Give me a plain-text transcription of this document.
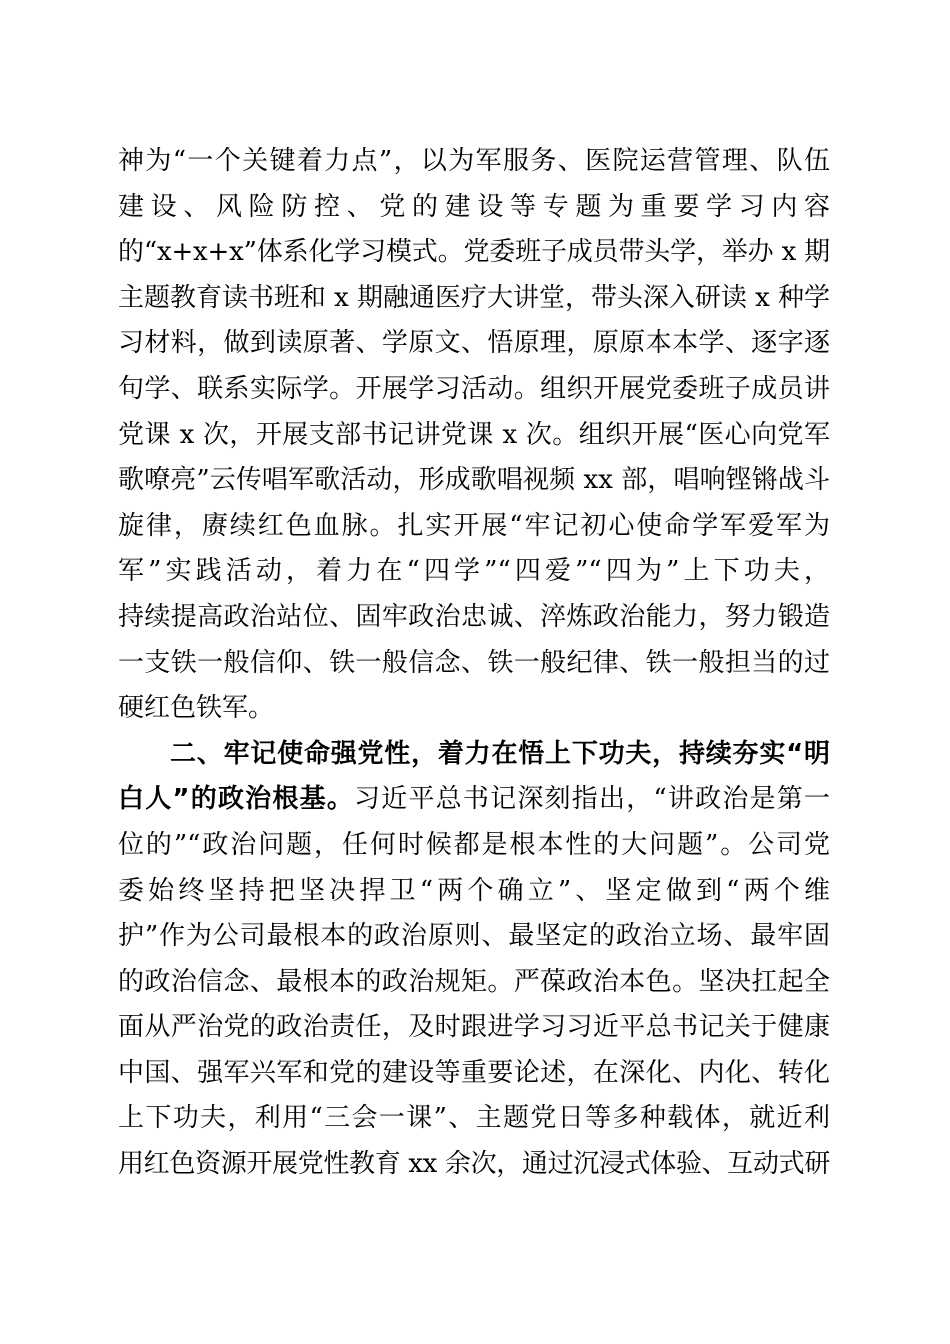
神为“一个关键着力点”，以为军服务、医院运营管理、队伍
建设、风险防控、党的建设等专题为重要学习内容
的“x+x+x”体系化学习模式。党委班子成员带头学，举办 x 期
主题教育读书班和 x 期融通医疗大讲堂，带头深入研读 x 种学
习材料，做到读原著、学原文、悟原理，原原本本学、逐字逐
句学、联系实际学。开展学习活动。组织开展党委班子成员讲
党课 x 次，开展支部书记讲党课 x 次。组织开展“医心向党军
歌嘹亮”云传唱军歌活动，形成歌唱视频 xx 部，唱响铿锵战斗
旋律，赓续红色血脉。扎实开展“牢记初心使命学军爱军为
军”实践活动，着力在“四学”“四爱”“四为”上下功夫，
持续提高政治站位、固牢政治忠诚、淬炼政治能力，努力锻造
一支铁一般信仰、铁一般信念、铁一般纪律、铁一般担当的过
硬红色铁军。
二、牢记使命强党性，着力在悟上下功夫，持续夯实“明
白人”的政治根基。习近平总书记深刻指出，“讲政治是第一
位的”“政治问题，任何时候都是根本性的大问题”。公司党
委始终坚持把坚决捍卫“两个确立”、坚定做到“两个维
护”作为公司最根本的政治原则、最坚定的政治立场、最牢固
的政治信念、最根本的政治规矩。严葆政治本色。坚决扛起全
面从严治党的政治责任，及时跟进学习习近平总书记关于健康
中国、强军兴军和党的建设等重要论述，在深化、内化、转化
上下功夫，利用“三会一课”、主题党日等多种载体，就近利
用红色资源开展党性教育 xx 余次，通过沉浸式体验、互动式研
